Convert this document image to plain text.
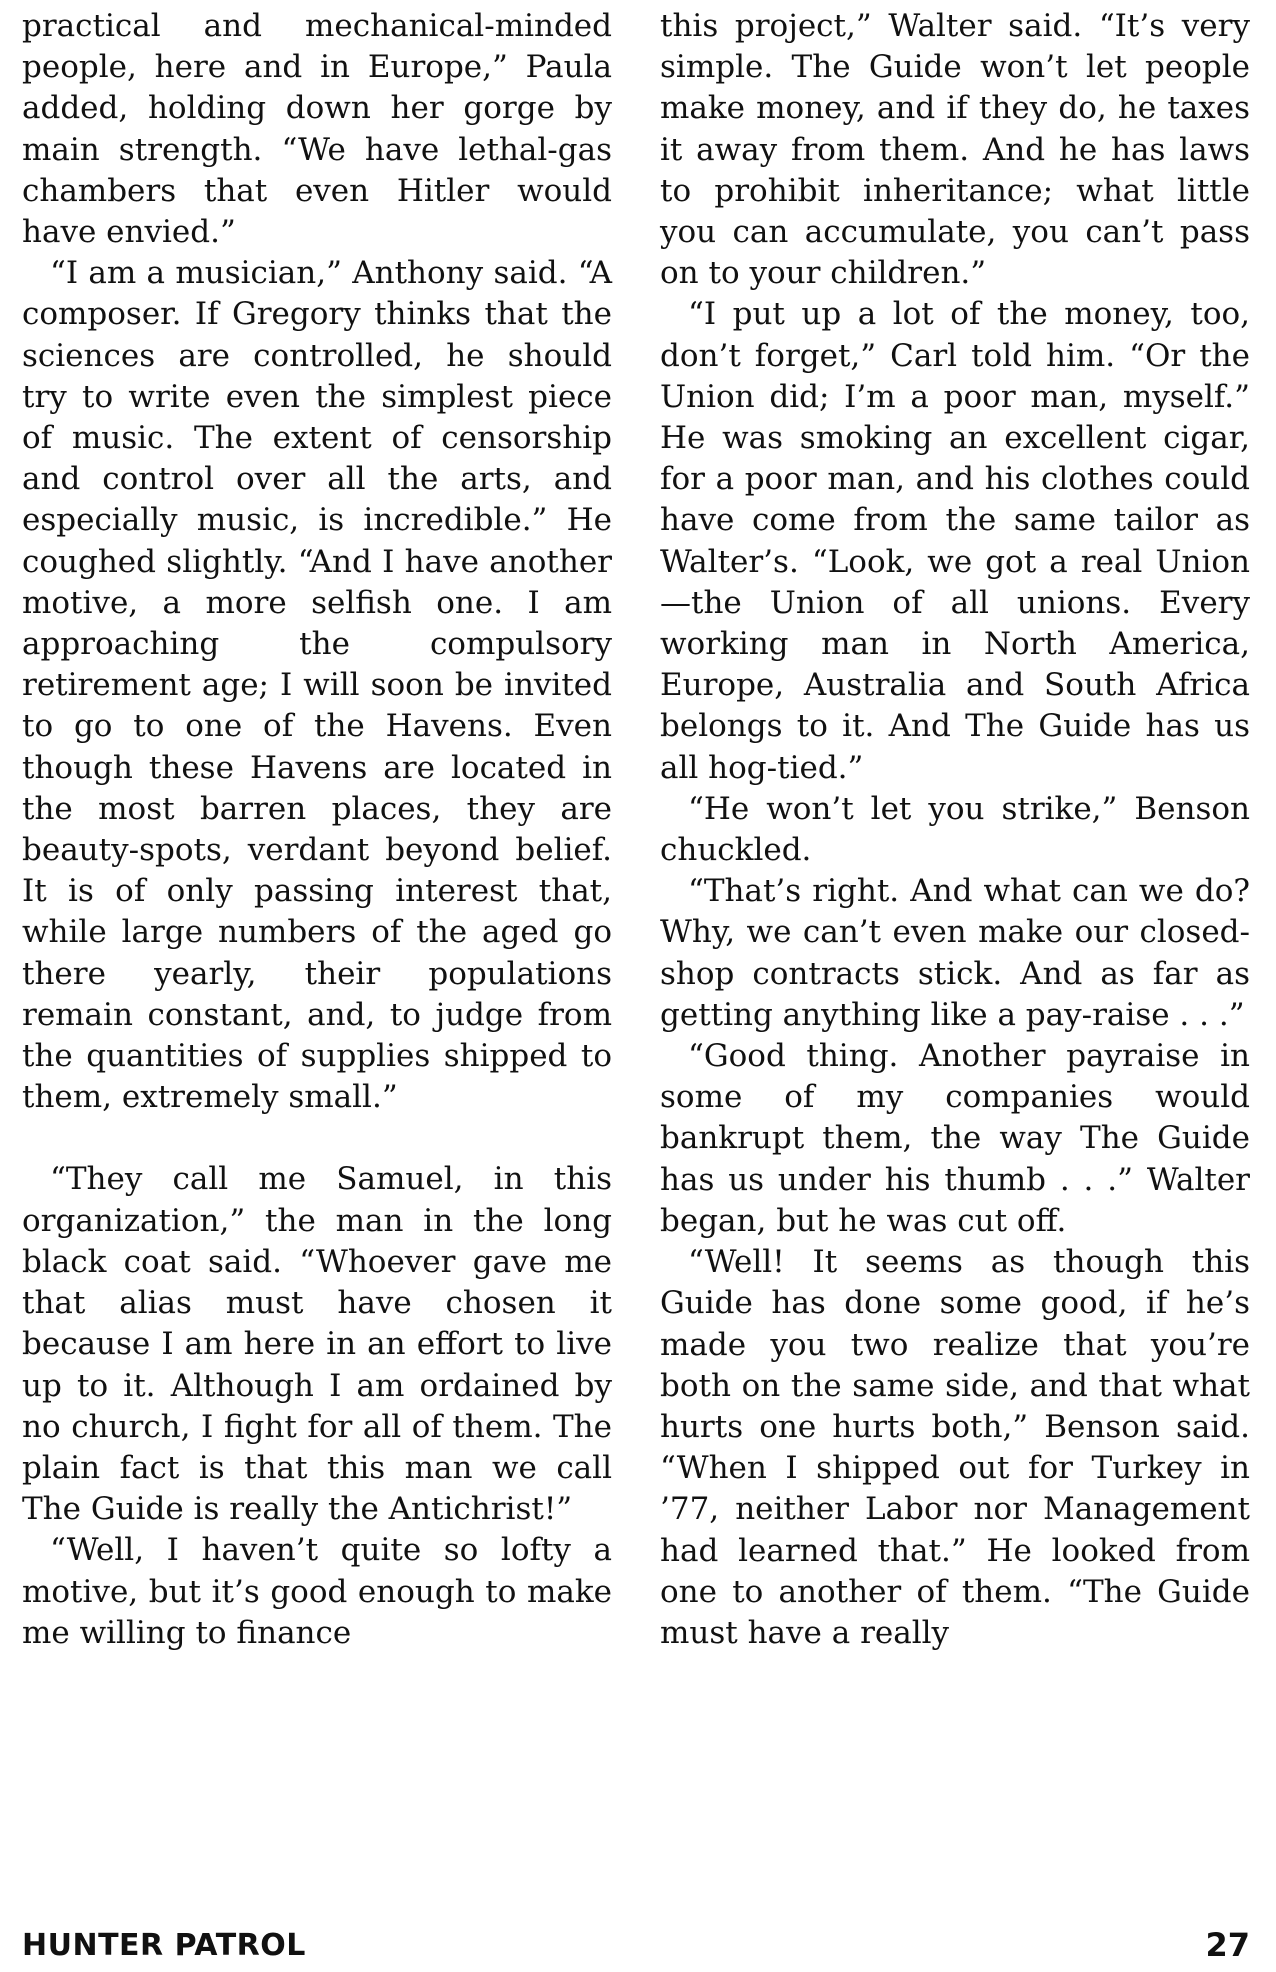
practical and mechanical-minded people, here and in Europe,” Paula added, holding down her gorge by main strength. “We have lethal-gas chambers that even Hitler would have envied.”

“I am a musician,” Anthony said. “A composer. If Gregory thinks that the sciences are controlled, he should try to write even the simplest piece of music. The extent of censorship and control over all the arts, and especially music, is incredible.” He coughed slightly. “And I have another motive, a more selfish one. I am approaching the compulsory retirement age; I will soon be invited to go to one of the Havens. Even though these Havens are located in the most barren places, they are beauty-spots, verdant beyond belief. It is of only passing interest that, while large numbers of the aged go there yearly, their populations remain constant, and, to judge from the quantities of supplies shipped to them, extremely small.”

“They call me Samuel, in this organization,” the man in the long black coat said. “Whoever gave me that alias must have chosen it because I am here in an effort to live up to it. Although I am ordained by no church, I fight for all of them. The plain fact is that this man we call The Guide is really the Antichrist!”

“Well, I haven’t quite so lofty a motive, but it’s good enough to make me willing to finance

this project,” Walter said. “It’s very simple. The Guide won’t let people make money, and if they do, he taxes it away from them. And he has laws to prohibit inheritance; what little you can accumulate, you can’t pass on to your children.”

“I put up a lot of the money, too, don’t forget,” Carl told him. “Or the Union did; I’m a poor man, myself.” He was smoking an excellent cigar, for a poor man, and his clothes could have come from the same tailor as Walter’s. “Look, we got a real Union—the Union of all unions. Every working man in North America, Europe, Australia and South Africa belongs to it. And The Guide has us all hog-tied.”

“He won’t let you strike,” Benson chuckled.

“That’s right. And what can we do? Why, we can’t even make our closed-shop contracts stick. And as far as getting anything like a pay-raise . . .”

“Good thing. Another payraise in some of my companies would bankrupt them, the way The Guide has us under his thumb . . .” Walter began, but he was cut off.

“Well! It seems as though this Guide has done some good, if he’s made you two realize that you’re both on the same side, and that what hurts one hurts both,” Benson said. “When I shipped out for Turkey in ’77, neither Labor nor Management had learned that.” He looked from one to another of them. “The Guide must have a really

HUNTER PATROL	27
